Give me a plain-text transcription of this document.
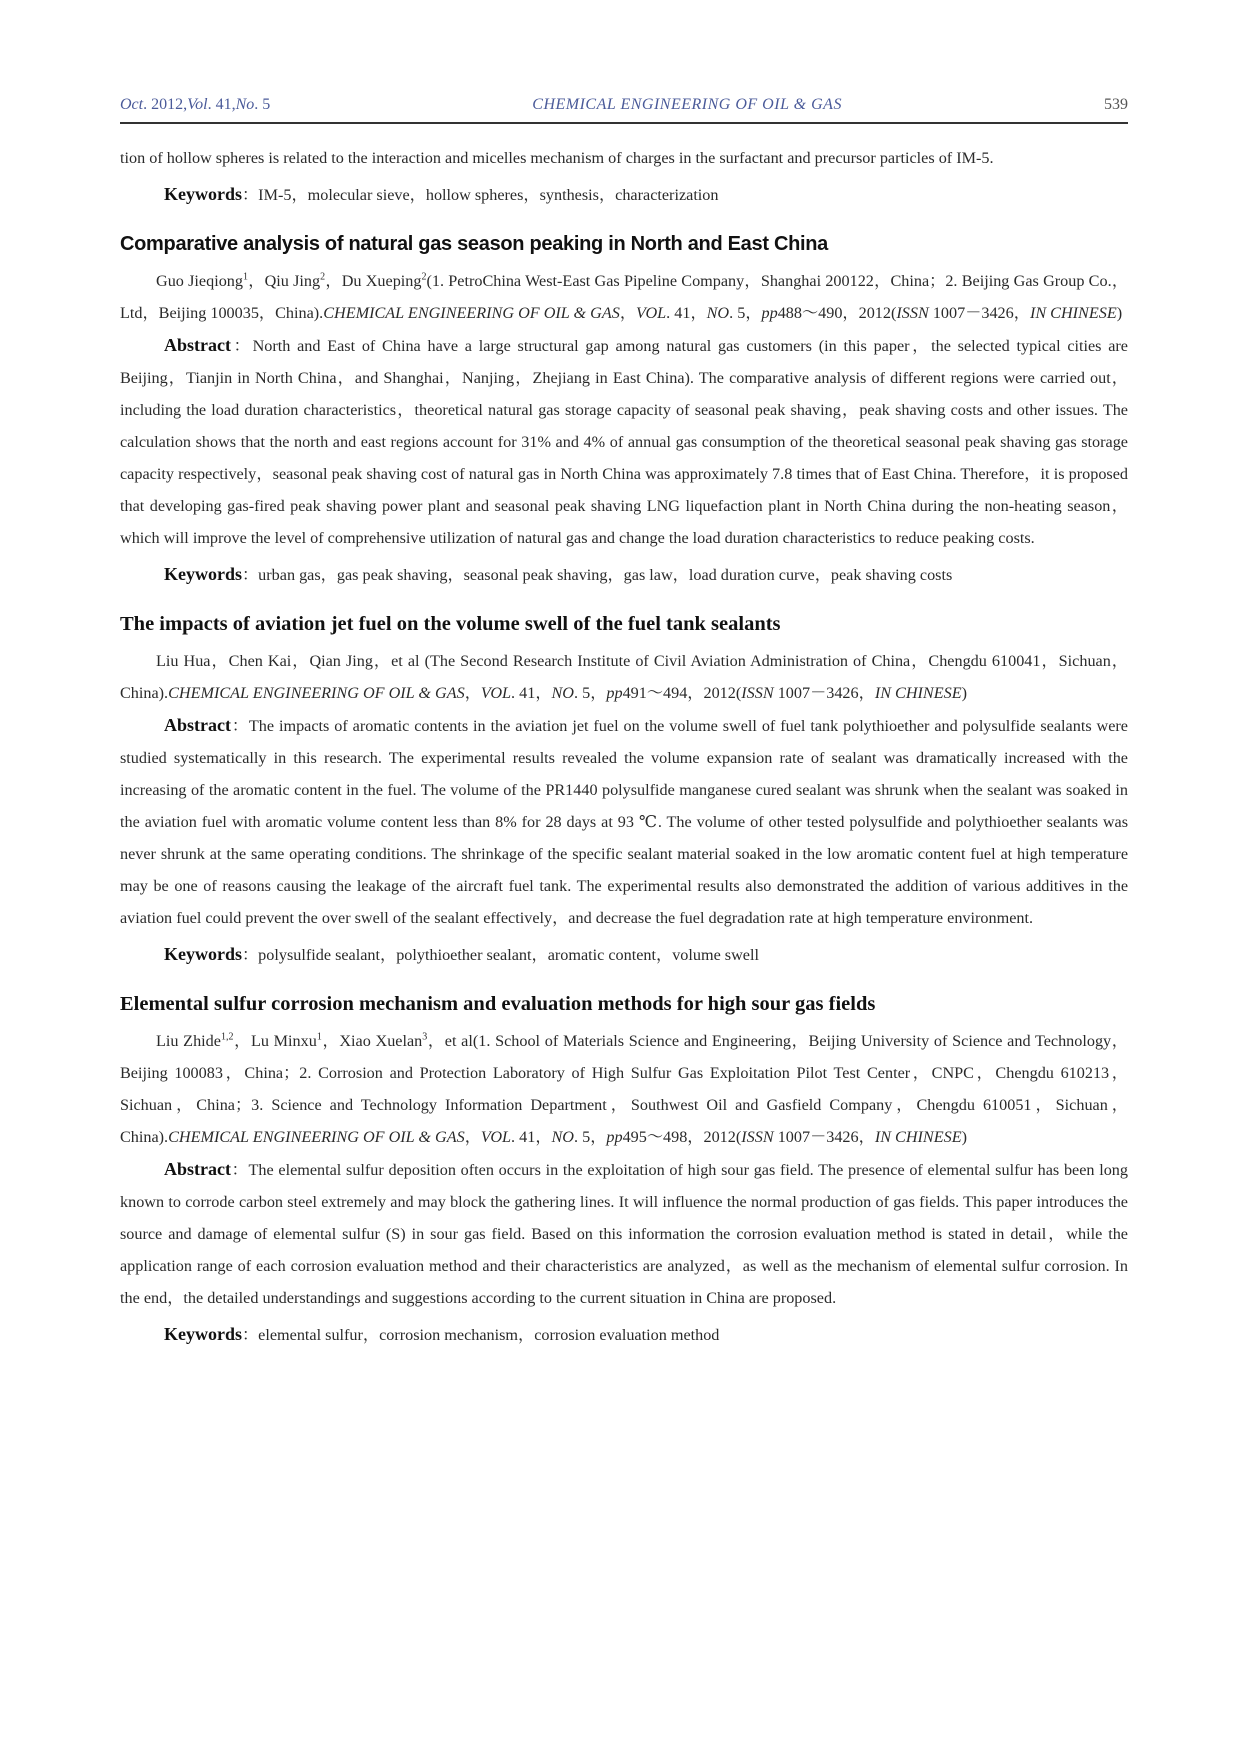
Oct. 2012,Vol. 41,No. 5	CHEMICAL ENGINEERING OF OIL & GAS	539

tion of hollow spheres is related to the interaction and micelles mechanism of charges in the surfactant and precursor particles of IM-5.

Keywords：IM-5，molecular sieve，hollow spheres，synthesis，characterization

Comparative analysis of natural gas season peaking in North and East China

Guo Jieqiong$^1$，Qiu Jing$^2$，Du Xueping$^2$(1. PetroChina West-East Gas Pipeline Company，Shanghai 200122，China；2. Beijing Gas Group Co.，Ltd，Beijing 100035，China).CHEMICAL ENGINEERING OF OIL & GAS，VOL. 41，NO. 5，pp488～490，2012(ISSN 1007－3426，IN CHINESE)

Abstract：North and East of China have a large structural gap among natural gas customers (in this paper，the selected typical cities are Beijing，Tianjin in North China，and Shanghai，Nanjing，Zhejiang in East China). The comparative analysis of different regions were carried out，including the load duration characteristics，theoretical natural gas storage capacity of seasonal peak shaving，peak shaving costs and other issues. The calculation shows that the north and east regions account for 31% and 4% of annual gas consumption of the theoretical seasonal peak shaving gas storage capacity respectively，seasonal peak shaving cost of natural gas in North China was approximately 7.8 times that of East China. Therefore，it is proposed that developing gas-fired peak shaving power plant and seasonal peak shaving LNG liquefaction plant in North China during the non-heating season，which will improve the level of comprehensive utilization of natural gas and change the load duration characteristics to reduce peaking costs.

Keywords：urban gas，gas peak shaving，seasonal peak shaving，gas law，load duration curve，peak shaving costs

The impacts of aviation jet fuel on the volume swell of the fuel tank sealants

Liu Hua，Chen Kai，Qian Jing，et al (The Second Research Institute of Civil Aviation Administration of China，Chengdu 610041，Sichuan，China).CHEMICAL ENGINEERING OF OIL & GAS，VOL. 41，NO. 5，pp491～494，2012(ISSN 1007－3426，IN CHINESE)

Abstract：The impacts of aromatic contents in the aviation jet fuel on the volume swell of fuel tank polythioether and polysulfide sealants were studied systematically in this research. The experimental results revealed the volume expansion rate of sealant was dramatically increased with the increasing of the aromatic content in the fuel. The volume of the PR1440 polysulfide manganese cured sealant was shrunk when the sealant was soaked in the aviation fuel with aromatic volume content less than 8% for 28 days at 93 ℃. The volume of other tested polysulfide and polythioether sealants was never shrunk at the same operating conditions. The shrinkage of the specific sealant material soaked in the low aromatic content fuel at high temperature may be one of reasons causing the leakage of the aircraft fuel tank. The experimental results also demonstrated the addition of various additives in the aviation fuel could prevent the over swell of the sealant effectively，and decrease the fuel degradation rate at high temperature environment.

Keywords：polysulfide sealant，polythioether sealant，aromatic content，volume swell

Elemental sulfur corrosion mechanism and evaluation methods for high sour gas fields

Liu Zhide$^{1,2}$，Lu Minxu$^1$，Xiao Xuelan$^3$，et al(1. School of Materials Science and Engineering，Beijing University of Science and Technology，Beijing 100083，China；2. Corrosion and Protection Laboratory of High Sulfur Gas Exploitation Pilot Test Center，CNPC，Chengdu 610213，Sichuan，China；3. Science and Technology Information Department，Southwest Oil and Gasfield Company，Chengdu 610051，Sichuan，China).CHEMICAL ENGINEERING OF OIL & GAS，VOL. 41，NO. 5，pp495～498，2012(ISSN 1007－3426，IN CHINESE)

Abstract：The elemental sulfur deposition often occurs in the exploitation of high sour gas field. The presence of elemental sulfur has been long known to corrode carbon steel extremely and may block the gathering lines. It will influence the normal production of gas fields. This paper introduces the source and damage of elemental sulfur (S) in sour gas field. Based on this information the corrosion evaluation method is stated in detail，while the application range of each corrosion evaluation method and their characteristics are analyzed，as well as the mechanism of elemental sulfur corrosion. In the end，the detailed understandings and suggestions according to the current situation in China are proposed.

Keywords：elemental sulfur，corrosion mechanism，corrosion evaluation method
